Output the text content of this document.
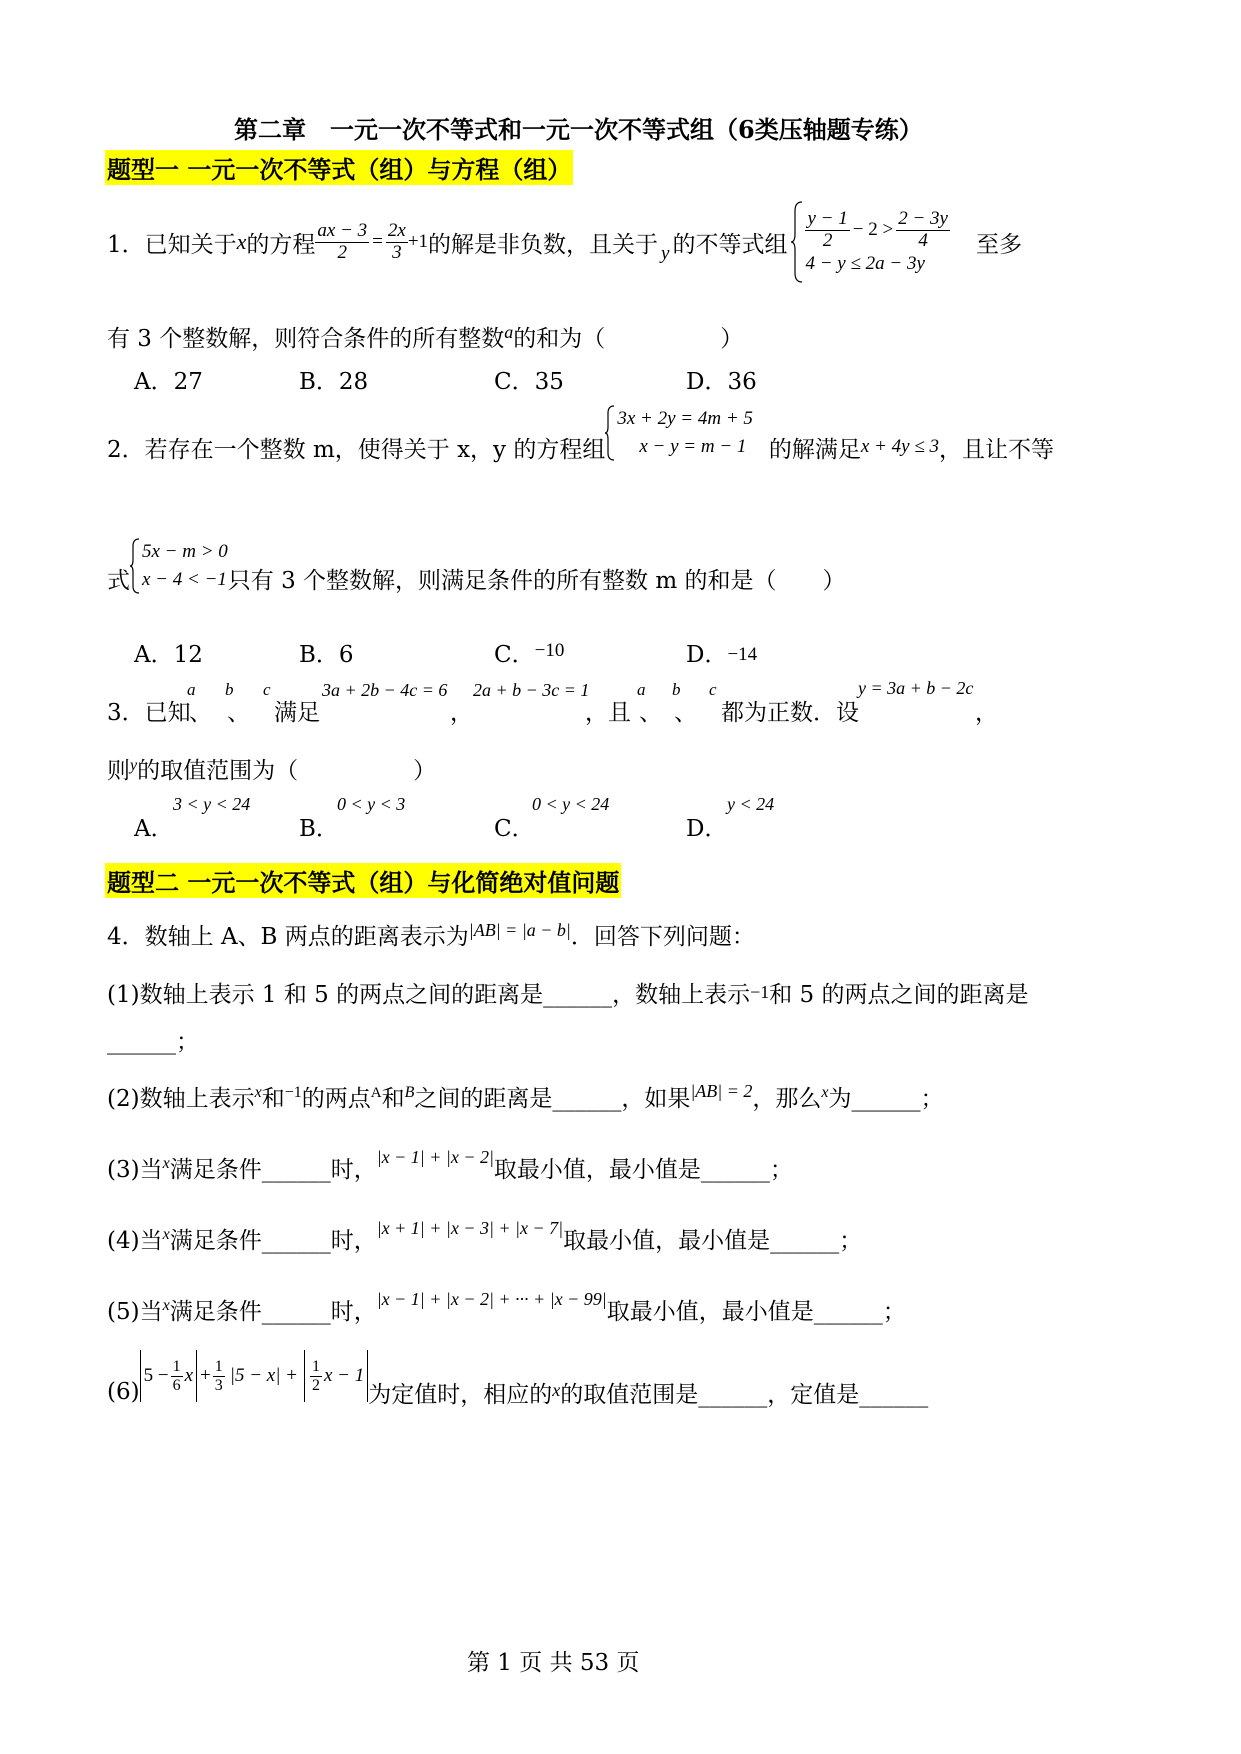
第二章　一元一次不等式和一元一次不等式组（6类压轴题专练）
题型一 一元一次不等式（组）与方程（组）
1．已知关于 x 的方程 $\frac{ax - 3}{2} = \frac{2x}{3} +1$ 的解是非负数，且关于 y 的不等式组 $\frac{y - 1}{2} - 2 > \frac{2 - 3y}{4}$
4 − y ≤ 2a − 3y
至多
有 3 个整数解，则符合条件的所有整数$^a$的和为（　　　　　）
A．27	B．28	C．35	D．36
2．若存在一个整数 m，使得关于 x，y 的方程组
3x + 2y = 4m + 5
x − y = m − 1 的解满足 x + 4y ≤ 3 ，且让不等
式
5x − m > 0
x − 4 < −1 只有 3 个整数解，则满足条件的所有整数 m 的和是（　　）
A．12	B．6	C．$^{-10}$	D．−14
3．已知
a
、
b
、
c
满足
3a + 2b − 4c = 6
，
2a + b − 3c = 1
，且
a
、
b
、
c
都为正数．设
y = 3a + b − 2c
，
则$^y$的取值范围为（　　　　　）
A．
3 < y < 24
B．
0 < y < 3
C．
0 < y < 24
D．
y < 24
题型二 一元一次不等式（组）与化简绝对值问题
4．数轴上 A、B 两点的距离表示为$^{|AB| = |a - b|}$．回答下列问题：
(1)数轴上表示 1 和 5 的两点之间的距离是______，数轴上表示−1和 5 的两点之间的距离是
______；
(2)数轴上表示$^x$和$^{-1}$的两点$^A$和$^B$之间的距离是______，如果$^{|AB| = 2}$，那么$^x$为______；
(3)当$^x$满足条件______时，$^{|x - 1| + |x - 2|}$取最小值，最小值是______；
(4)当$^x$满足条件______时，$^{|x + 1| + |x - 3| + |x - 7|}$取最小值，最小值是______；
(5)当$^x$满足条件______时，$^{|x - 1| + |x - 2| + \cdot\cdot\cdot + |x - 99|}$取最小值，最小值是______；
(6)
$5 - \frac{1}{6}$ $x + \frac{1}{3} |5 - x| + \frac{1}{2}$ x − 1
为定值时，相应的 x 的取值范围是______，定值是______
第 1 页 共 53 页
